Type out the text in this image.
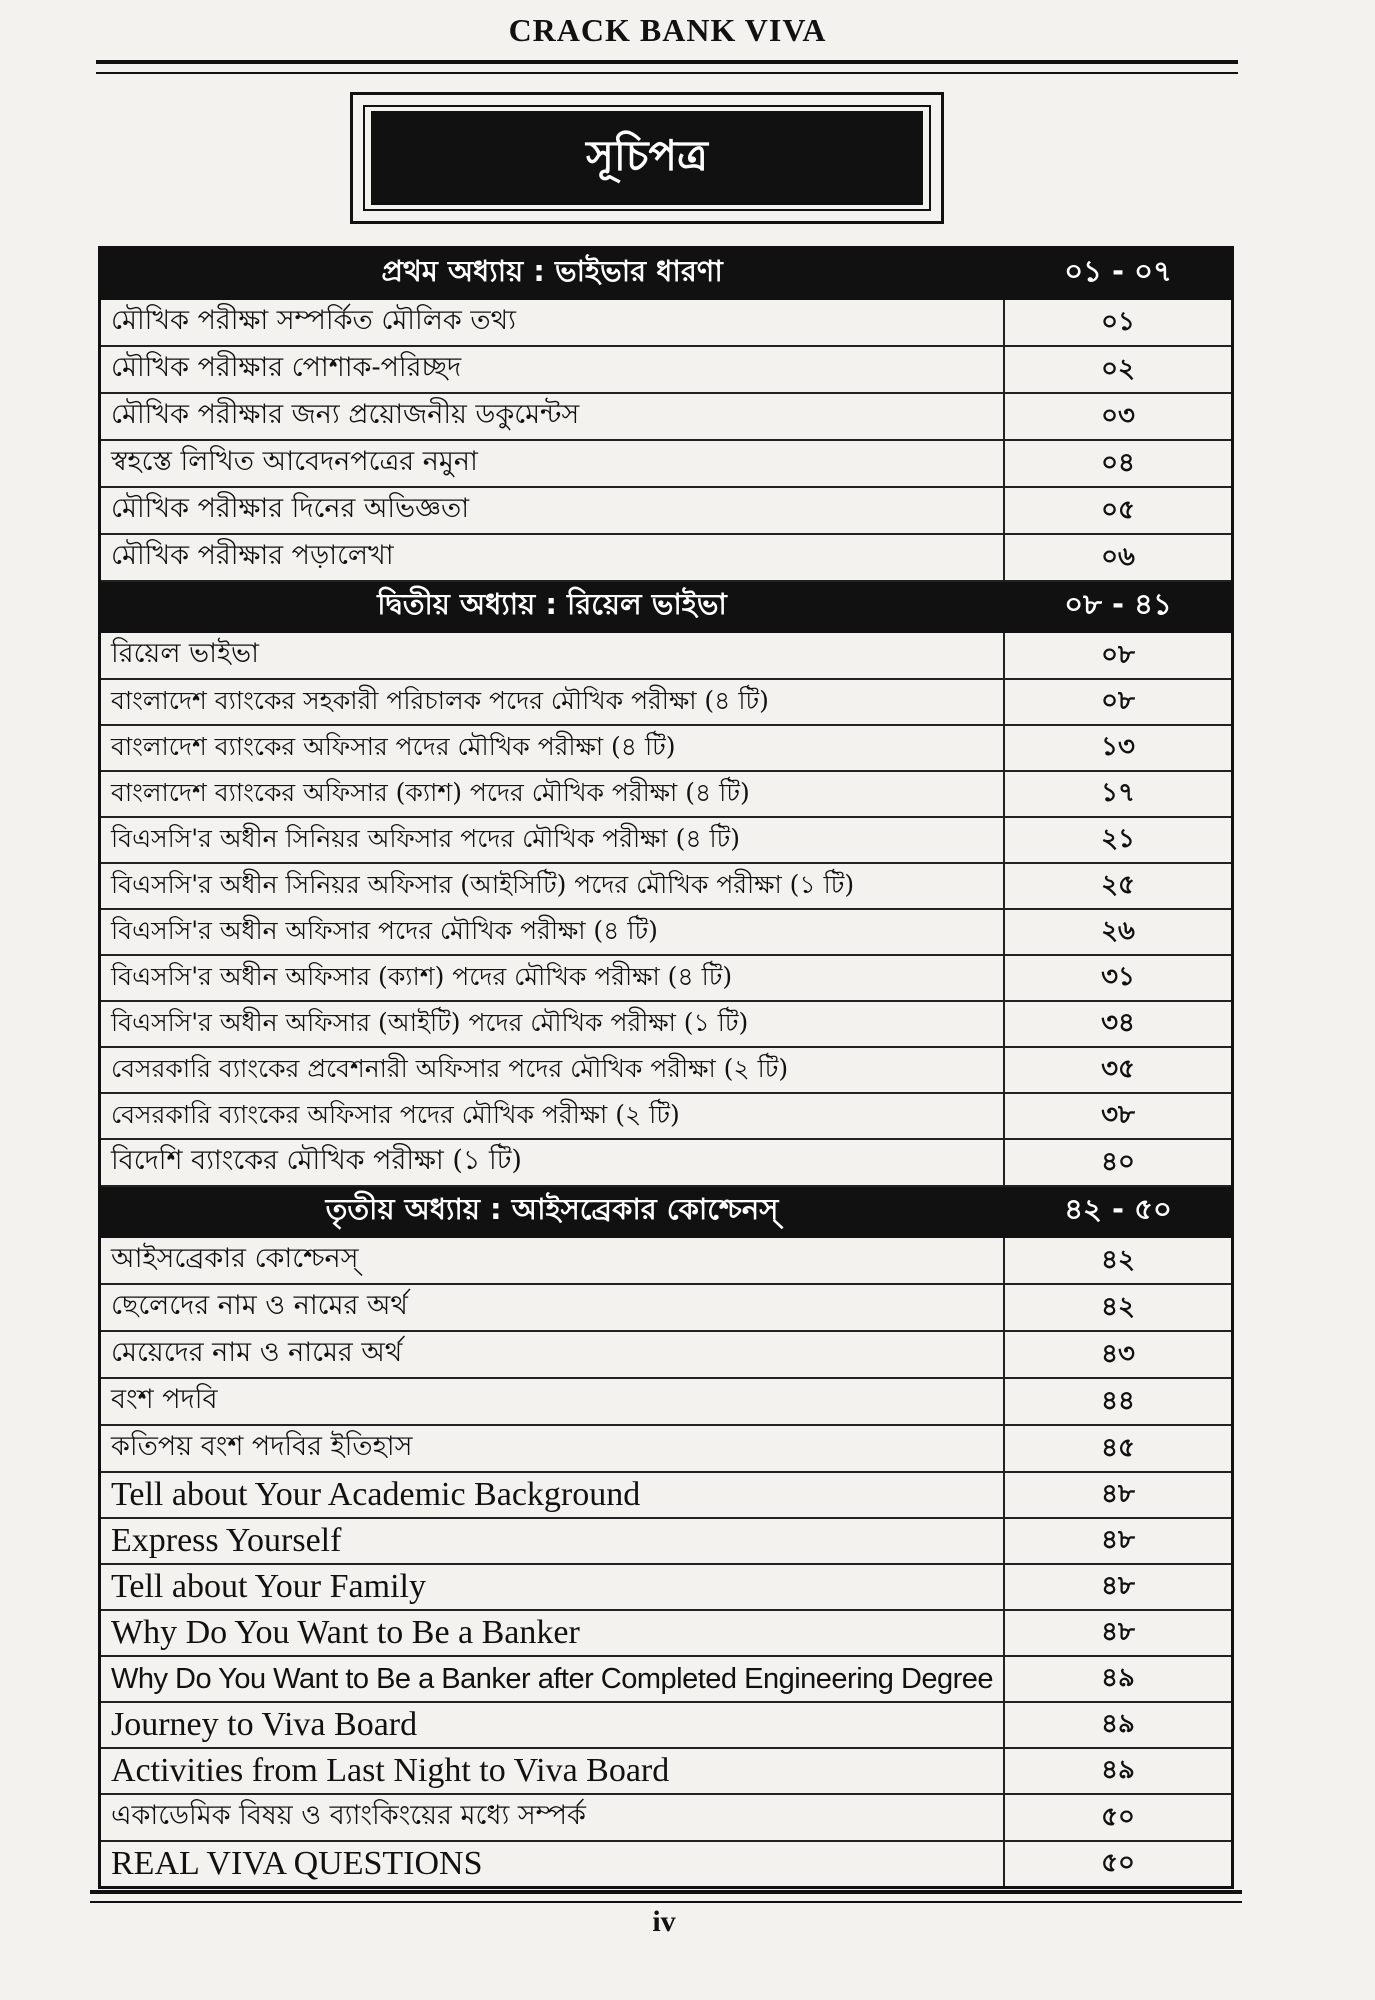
CRACK BANK VIVA
সূচিপত্র
প্রথম অধ্যায় : ভাইভার ধারণা	০১ - ০৭
মৌখিক পরীক্ষা সম্পর্কিত মৌলিক তথ্য	০১
মৌখিক পরীক্ষার পোশাক-পরিচ্ছদ	০২
মৌখিক পরীক্ষার জন্য প্রয়োজনীয় ডকুমেন্টস	০৩
স্বহস্তে লিখিত আবেদনপত্রের নমুনা	০৪
মৌখিক পরীক্ষার দিনের অভিজ্ঞতা	০৫
মৌখিক পরীক্ষার পড়ালেখা	০৬
দ্বিতীয় অধ্যায় : রিয়েল ভাইভা	০৮ - ৪১
রিয়েল ভাইভা	০৮
বাংলাদেশ ব্যাংকের সহকারী পরিচালক পদের মৌখিক পরীক্ষা (৪ টি)	০৮
বাংলাদেশ ব্যাংকের অফিসার পদের মৌখিক পরীক্ষা (৪ টি)	১৩
বাংলাদেশ ব্যাংকের অফিসার (ক্যাশ) পদের মৌখিক পরীক্ষা (৪ টি)	১৭
বিএসসি'র অধীন সিনিয়র অফিসার পদের মৌখিক পরীক্ষা (৪ টি)	২১
বিএসসি'র অধীন সিনিয়র অফিসার (আইসিটি) পদের মৌখিক পরীক্ষা (১ টি)	২৫
বিএসসি'র অধীন অফিসার পদের মৌখিক পরীক্ষা (৪ টি)	২৬
বিএসসি'র অধীন অফিসার (ক্যাশ) পদের মৌখিক পরীক্ষা (৪ টি)	৩১
বিএসসি'র অধীন অফিসার (আইটি) পদের মৌখিক পরীক্ষা (১ টি)	৩৪
বেসরকারি ব্যাংকের প্রবেশনারী অফিসার পদের মৌখিক পরীক্ষা (২ টি)	৩৫
বেসরকারি ব্যাংকের অফিসার পদের মৌখিক পরীক্ষা (২ টি)	৩৮
বিদেশি ব্যাংকের মৌখিক পরীক্ষা (১ টি)	৪০
তৃতীয় অধ্যায় : আইসব্রেকার কোশ্চেনস্	৪২ - ৫০
আইসব্রেকার কোশ্চেনস্	৪২
ছেলেদের নাম ও নামের অর্থ	৪২
মেয়েদের নাম ও নামের অর্থ	৪৩
বংশ পদবি	৪৪
কতিপয় বংশ পদবির ইতিহাস	৪৫
Tell about Your Academic Background	৪৮
Express Yourself	৪৮
Tell about Your Family	৪৮
Why Do You Want to Be a Banker	৪৮
Why Do You Want to Be a Banker after Completed Engineering Degree	৪৯
Journey to Viva Board	৪৯
Activities from Last Night to Viva Board	৪৯
একাডেমিক বিষয় ও ব্যাংকিংয়ের মধ্যে সম্পর্ক	৫০
REAL VIVA QUESTIONS	৫০
iv
